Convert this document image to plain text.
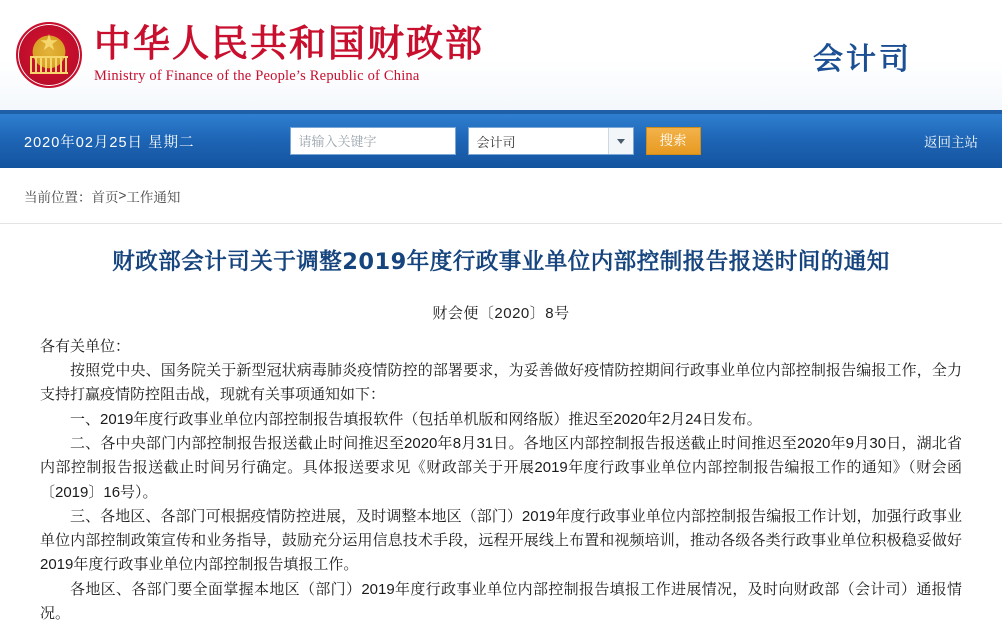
★
中华人民共和国财政部
Ministry of Finance of the People’s Republic of China	会计司
2020年02月25日 星期二
请输入关键字	会计司	搜索	返回主站
当前位置： 首页 > 工作通知
财政部会计司关于调整2019年度行政事业单位内部控制报告报送时间的通知
财会便〔2020〕8号

各有关单位：

按照党中央、国务院关于新型冠状病毒肺炎疫情防控的部署要求，为妥善做好疫情防控期间行政事业单位内部控制报告编报工作，全力支持打赢疫情防控阻击战，现就有关事项通知如下：

一、2019年度行政事业单位内部控制报告填报软件（包括单机版和网络版）推迟至2020年2月24日发布。

二、各中央部门内部控制报告报送截止时间推迟至2020年8月31日。各地区内部控制报告报送截止时间推迟至2020年9月30日，湖北省内部控制报告报送截止时间另行确定。具体报送要求见《财政部关于开展2019年度行政事业单位内部控制报告编报工作的通知》（财会函〔2019〕16号）。

三、各地区、各部门可根据疫情防控进展，及时调整本地区（部门）2019年度行政事业单位内部控制报告编报工作计划，加强行政事业单位内部控制政策宣传和业务指导，鼓励充分运用信息技术手段，远程开展线上布置和视频培训，推动各级各类行政事业单位积极稳妥做好2019年度行政事业单位内部控制报告填报工作。

各地区、各部门要全面掌握本地区（部门）2019年度行政事业单位内部控制报告填报工作进展情况，及时向财政部（会计司）通报情况。
